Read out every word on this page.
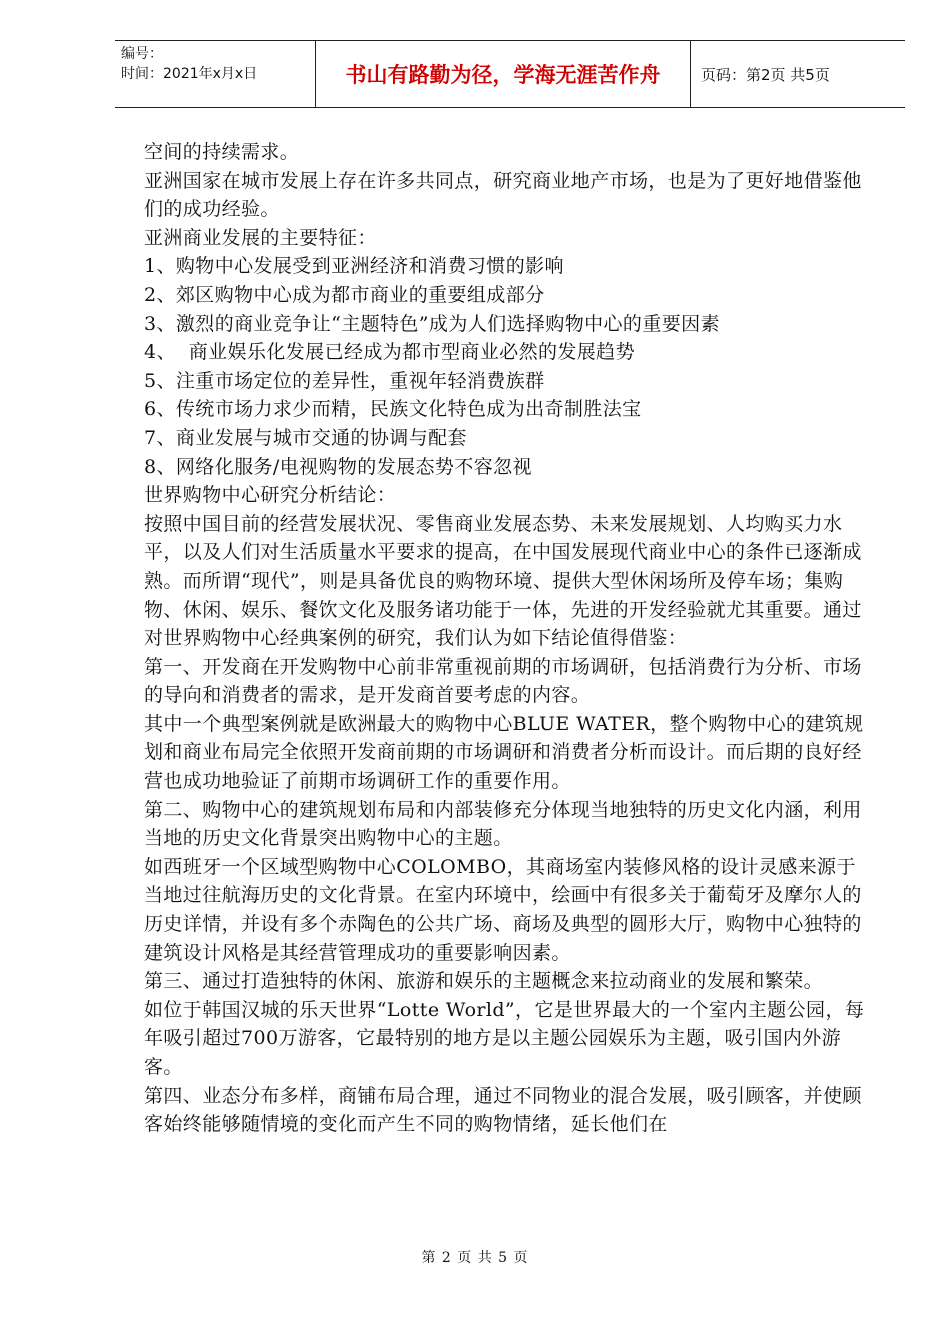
编号：
时间：2021年x月x日	书山有路勤为径，学海无涯苦作舟	页码：第2页 共5页

空间的持续需求。

亚洲国家在城市发展上存在许多共同点，研究商业地产市场，也是为了更好地借鉴他们的成功经验。

亚洲商业发展的主要特征：

1、购物中心发展受到亚洲经济和消费习惯的影响

2、郊区购物中心成为都市商业的重要组成部分

3、激烈的商业竞争让“主题特色”成为人们选择购物中心的重要因素

4、  商业娱乐化发展已经成为都市型商业必然的发展趋势

5、注重市场定位的差异性，重视年轻消费族群

6、传统市场力求少而精，民族文化特色成为出奇制胜法宝

7、商业发展与城市交通的协调与配套

8、网络化服务/电视购物的发展态势不容忽视

世界购物中心研究分析结论：

按照中国目前的经营发展状况、零售商业发展态势、未来发展规划、人均购买力水平，以及人们对生活质量水平要求的提高，在中国发展现代商业中心的条件已逐渐成熟。而所谓“现代”，则是具备优良的购物环境、提供大型休闲场所及停车场；集购物、休闲、娱乐、餐饮文化及服务诸功能于一体，先进的开发经验就尤其重要。通过对世界购物中心经典案例的研究，我们认为如下结论值得借鉴：

第一、开发商在开发购物中心前非常重视前期的市场调研，包括消费行为分析、市场的导向和消费者的需求，是开发商首要考虑的内容。

其中一个典型案例就是欧洲最大的购物中心BLUE WATER，整个购物中心的建筑规划和商业布局完全依照开发商前期的市场调研和消费者分析而设计。而后期的良好经营也成功地验证了前期市场调研工作的重要作用。

第二、购物中心的建筑规划布局和内部装修充分体现当地独特的历史文化内涵，利用当地的历史文化背景突出购物中心的主题。

如西班牙一个区域型购物中心COLOMBO，其商场室内装修风格的设计灵感来源于当地过往航海历史的文化背景。在室内环境中，绘画中有很多关于葡萄牙及摩尔人的历史详情，并设有多个赤陶色的公共广场、商场及典型的圆形大厅，购物中心独特的建筑设计风格是其经营管理成功的重要影响因素。

第三、通过打造独特的休闲、旅游和娱乐的主题概念来拉动商业的发展和繁荣。

如位于韩国汉城的乐天世界“Lotte World”，它是世界最大的一个室内主题公园，每年吸引超过700万游客，它最特别的地方是以主题公园娱乐为主题，吸引国内外游客。

第四、业态分布多样，商铺布局合理，通过不同物业的混合发展，吸引顾客，并使顾客始终能够随情境的变化而产生不同的购物情绪，延长他们在

第 2 页 共 5 页
